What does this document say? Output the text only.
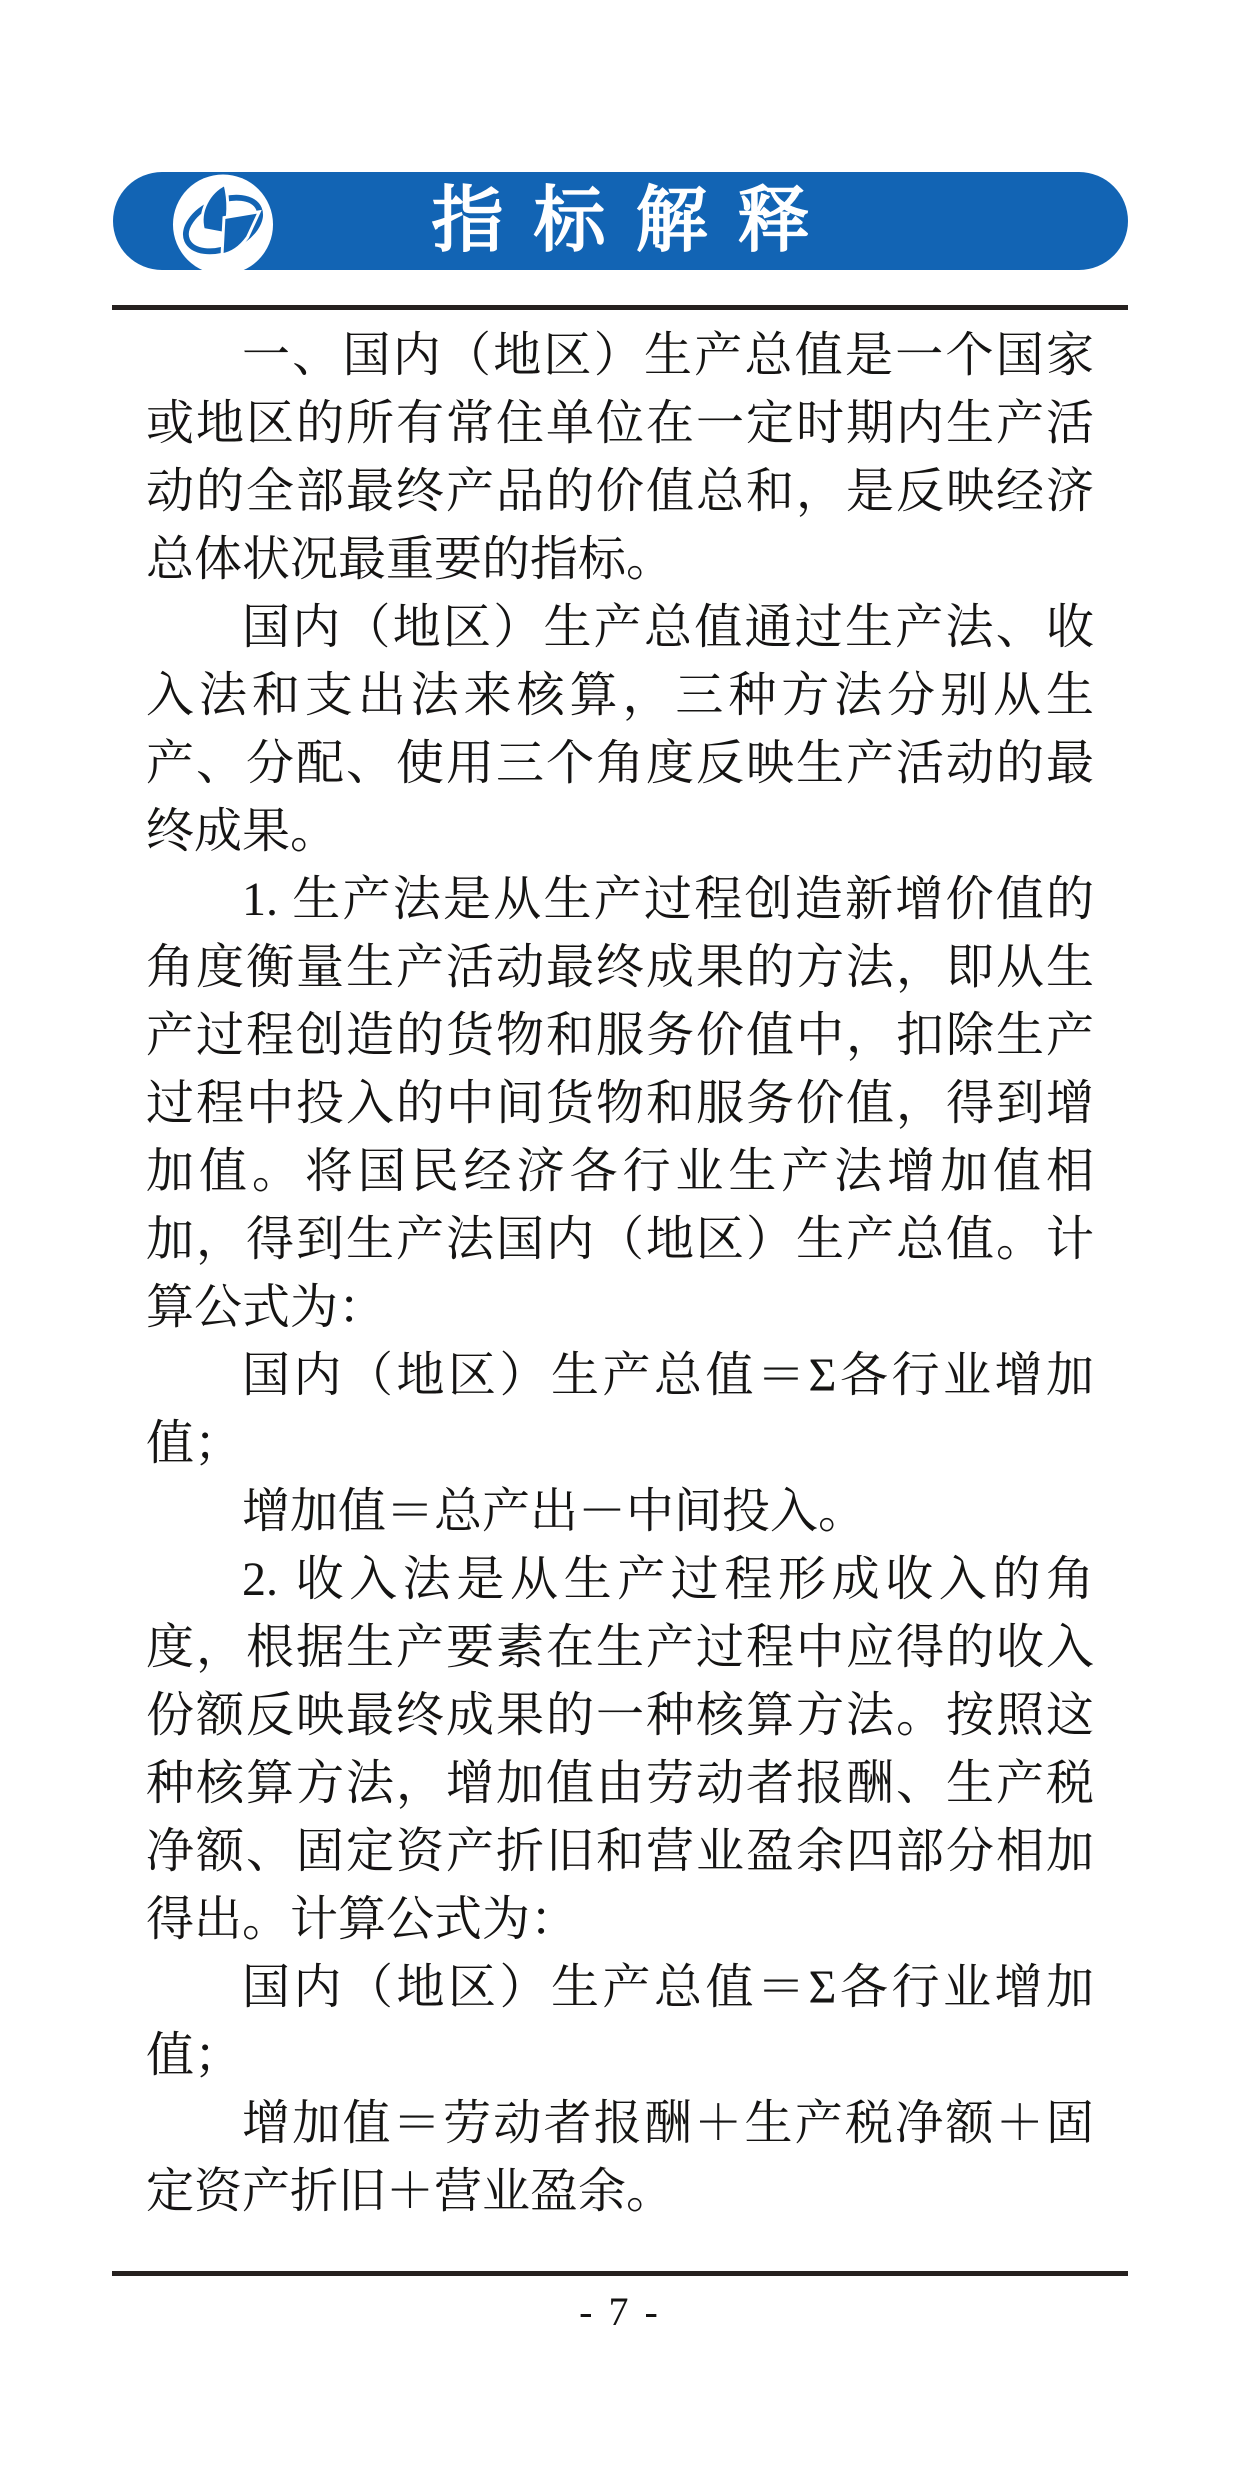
指标解释

一、国内（地区）生产总值是一个国家或地区的所有常住单位在一定时期内生产活动的全部最终产品的价值总和，是反映经济总体状况最重要的指标。

国内（地区）生产总值通过生产法、收入法和支出法来核算，三种方法分别从生产、分配、使用三个角度反映生产活动的最终成果。

1. 生产法是从生产过程创造新增价值的角度衡量生产活动最终成果的方法，即从生产过程创造的货物和服务价值中，扣除生产过程中投入的中间货物和服务价值，得到增加值。将国民经济各行业生产法增加值相加，得到生产法国内（地区）生产总值。计算公式为：

国内（地区）生产总值＝Σ各行业增加值；

增加值＝总产出－中间投入。

2. 收入法是从生产过程形成收入的角度，根据生产要素在生产过程中应得的收入份额反映最终成果的一种核算方法。按照这种核算方法，增加值由劳动者报酬、生产税净额、固定资产折旧和营业盈余四部分相加得出。计算公式为：

国内（地区）生产总值＝Σ各行业增加值；

增加值＝劳动者报酬＋生产税净额＋固定资产折旧＋营业盈余。

- 7 -
